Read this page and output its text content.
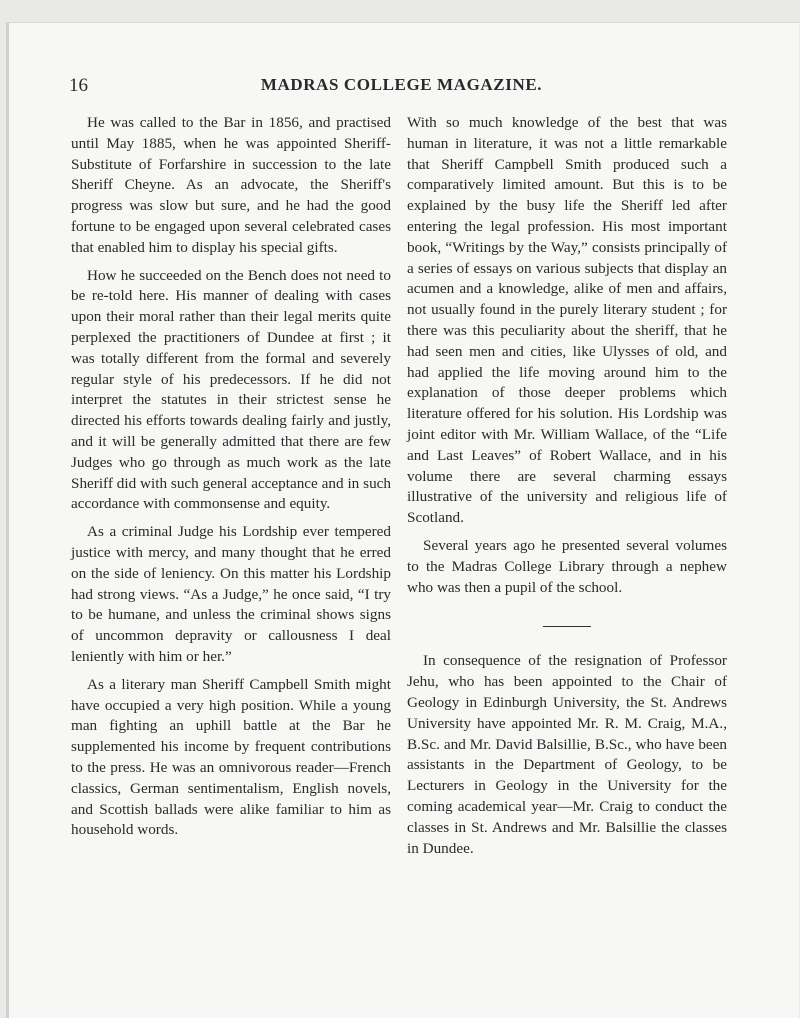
16	MADRAS COLLEGE MAGAZINE.

He was called to the Bar in 1856, and practised until May 1885, when he was appointed Sheriff-Substitute of Forfarshire in succession to the late Sheriff Cheyne. As an advocate, the Sheriff's progress was slow but sure, and he had the good fortune to be engaged upon several celebrated cases that enabled him to display his special gifts.

How he succeeded on the Bench does not need to be re-told here. His manner of dealing with cases upon their moral rather than their legal merits quite perplexed the practitioners of Dundee at first ; it was totally different from the formal and severely regular style of his predecessors. If he did not interpret the statutes in their strictest sense he directed his efforts towards dealing fairly and justly, and it will be generally admitted that there are few Judges who go through as much work as the late Sheriff did with such general acceptance and in such accordance with commonsense and equity.

As a criminal Judge his Lordship ever tempered justice with mercy, and many thought that he erred on the side of leniency. On this matter his Lordship had strong views. “As a Judge,” he once said, “I try to be humane, and unless the criminal shows signs of uncommon depravity or callousness I deal leniently with him or her.”

As a literary man Sheriff Campbell Smith might have occupied a very high position. While a young man fighting an uphill battle at the Bar he supplemented his income by frequent contributions to the press. He was an omnivorous reader—French classics, German sentimentalism, English novels, and Scottish ballads were alike familiar to him as household words.

With so much knowledge of the best that was human in literature, it was not a little remarkable that Sheriff Campbell Smith produced such a comparatively limited amount. But this is to be explained by the busy life the Sheriff led after entering the legal profession. His most important book, “Writings by the Way,” consists principally of a series of essays on various subjects that display an acumen and a knowledge, alike of men and affairs, not usually found in the purely literary student ; for there was this peculiarity about the sheriff, that he had seen men and cities, like Ulysses of old, and had applied the life moving around him to the explanation of those deeper problems which literature offered for his solution. His Lordship was joint editor with Mr. William Wallace, of the “Life and Last Leaves” of Robert Wallace, and in his volume there are several charming essays illustrative of the university and religious life of Scotland.

Several years ago he presented several volumes to the Madras College Library through a nephew who was then a pupil of the school.

In consequence of the resignation of Professor Jehu, who has been appointed to the Chair of Geology in Edinburgh University, the St. Andrews University have appointed Mr. R. M. Craig, M.A., B.Sc. and Mr. David Balsillie, B.Sc., who have been assistants in the Department of Geology, to be Lecturers in Geology in the University for the coming academical year—Mr. Craig to conduct the classes in St. Andrews and Mr. Balsillie the classes in Dundee.
